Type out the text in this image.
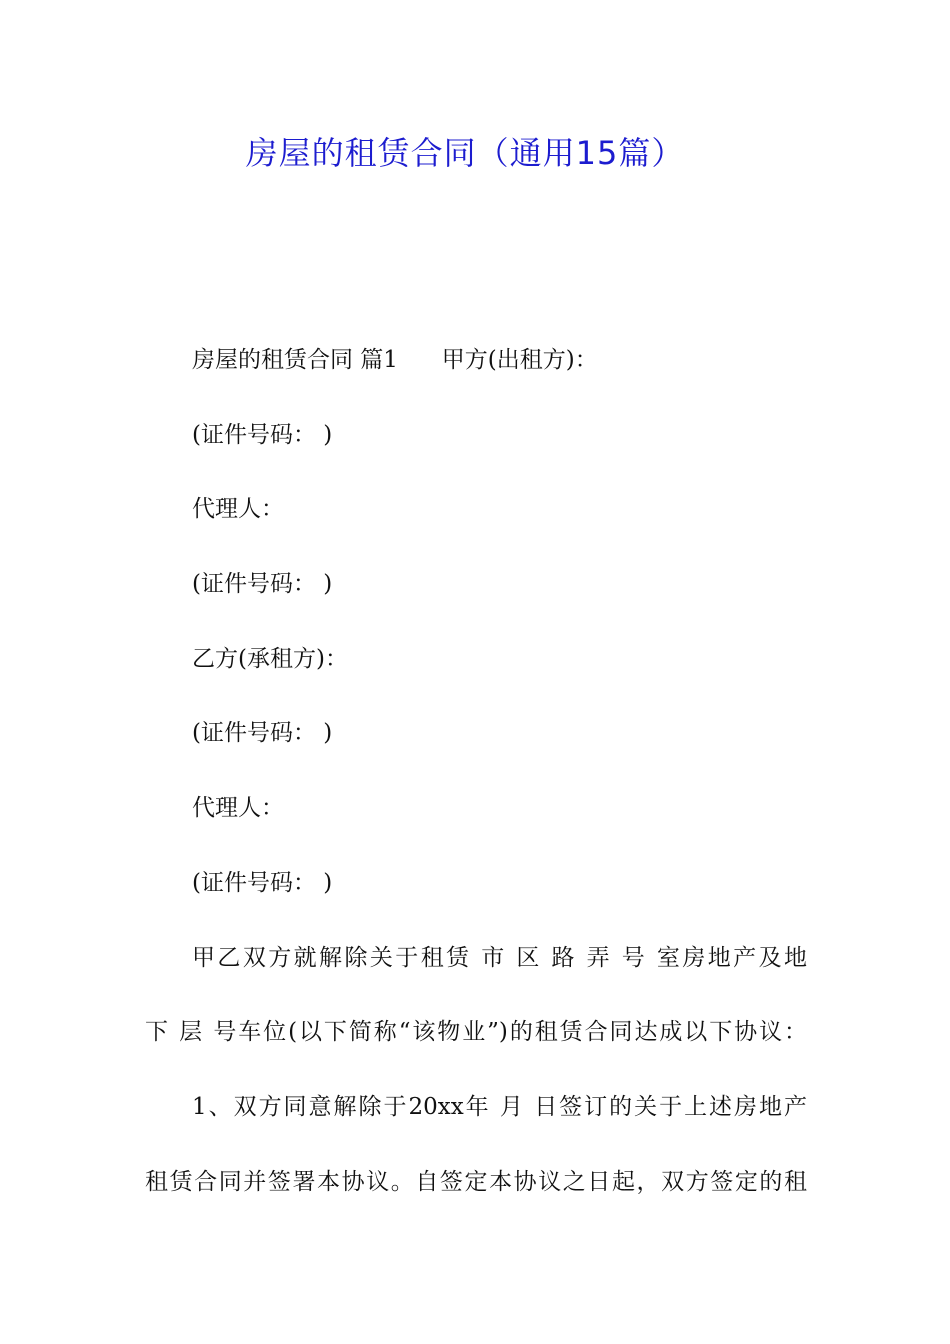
房屋的租赁合同（通用15篇）
房屋的租赁合同 篇1      甲方(出租方)：
(证件号码： )
代理人：
(证件号码： )
乙方(承租方)：
(证件号码： )
代理人：
(证件号码： )
甲乙双方就解除关于租赁 市 区 路 弄 号 室房地产及地
下 层 号车位(以下简称“该物业”)的租赁合同达成以下协议：
1、双方同意解除于20xx年 月 日签订的关于上述房地产
租赁合同并签署本协议。自签定本协议之日起，双方签定的租
